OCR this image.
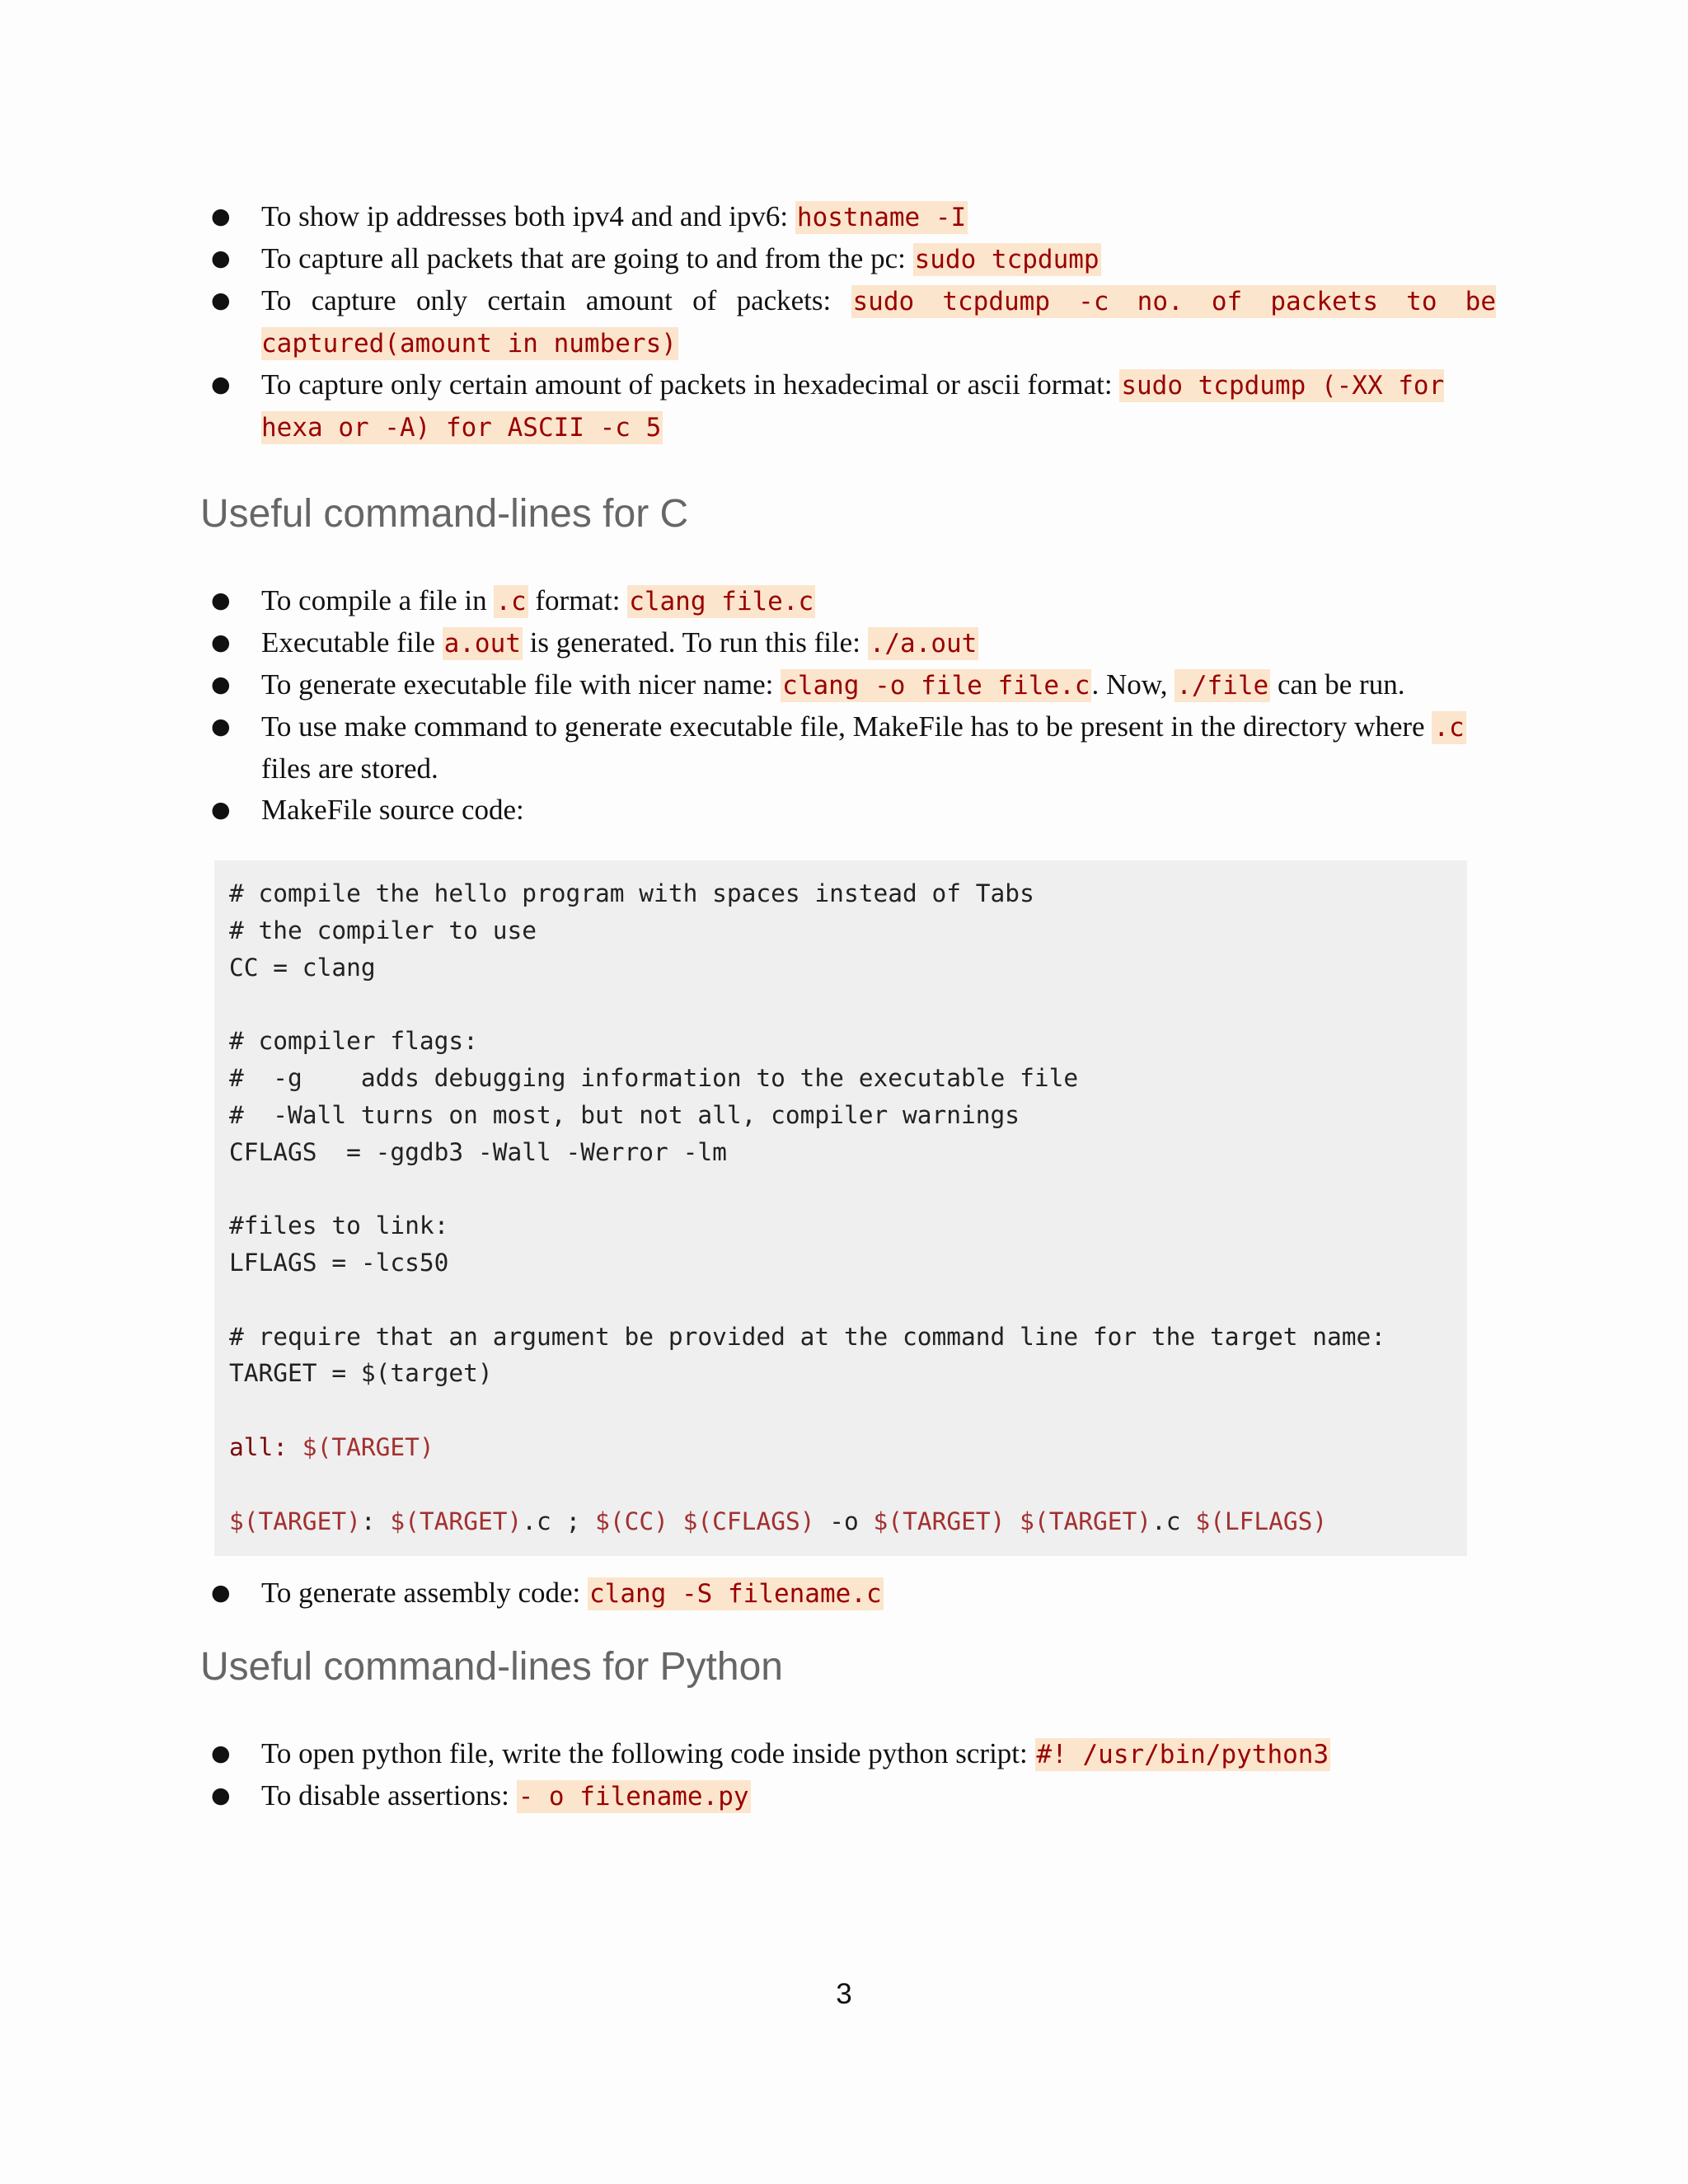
● To show ip addresses both ipv4 and and ipv6: hostname -I
● To capture all packets that are going to and from the pc: sudo tcpdump
● To capture only certain amount of packets: sudo tcpdump -c no. of packets to be captured(amount in numbers)
● To capture only certain amount of packets in hexadecimal or ascii format: sudo tcpdump (-XX for hexa or -A) for ASCII -c 5
Useful command-lines for C
● To compile a file in .c format: clang file.c
● Executable file a.out is generated. To run this file: ./a.out
● To generate executable file with nicer name: clang -o file file.c. Now, ./file can be run.
● To use make command to generate executable file, MakeFile has to be present in the directory where .c files are stored.
● MakeFile source code:
# compile the hello program with spaces instead of Tabs
# the compiler to use
CC = clang
# compiler flags:
#  -g    adds debugging information to the executable file
#  -Wall turns on most, but not all, compiler warnings
CFLAGS  = -ggdb3 -Wall -Werror -lm
#files to link:
LFLAGS = -lcs50
# require that an argument be provided at the command line for the target name:
TARGET = $(target)
all: $(TARGET)
$(TARGET): $(TARGET).c ; $(CC) $(CFLAGS) -o $(TARGET) $(TARGET).c $(LFLAGS)
● To generate assembly code: clang -S filename.c
Useful command-lines for Python
● To open python file, write the following code inside python script: #! /usr/bin/python3
● To disable assertions: - o filename.py
3
